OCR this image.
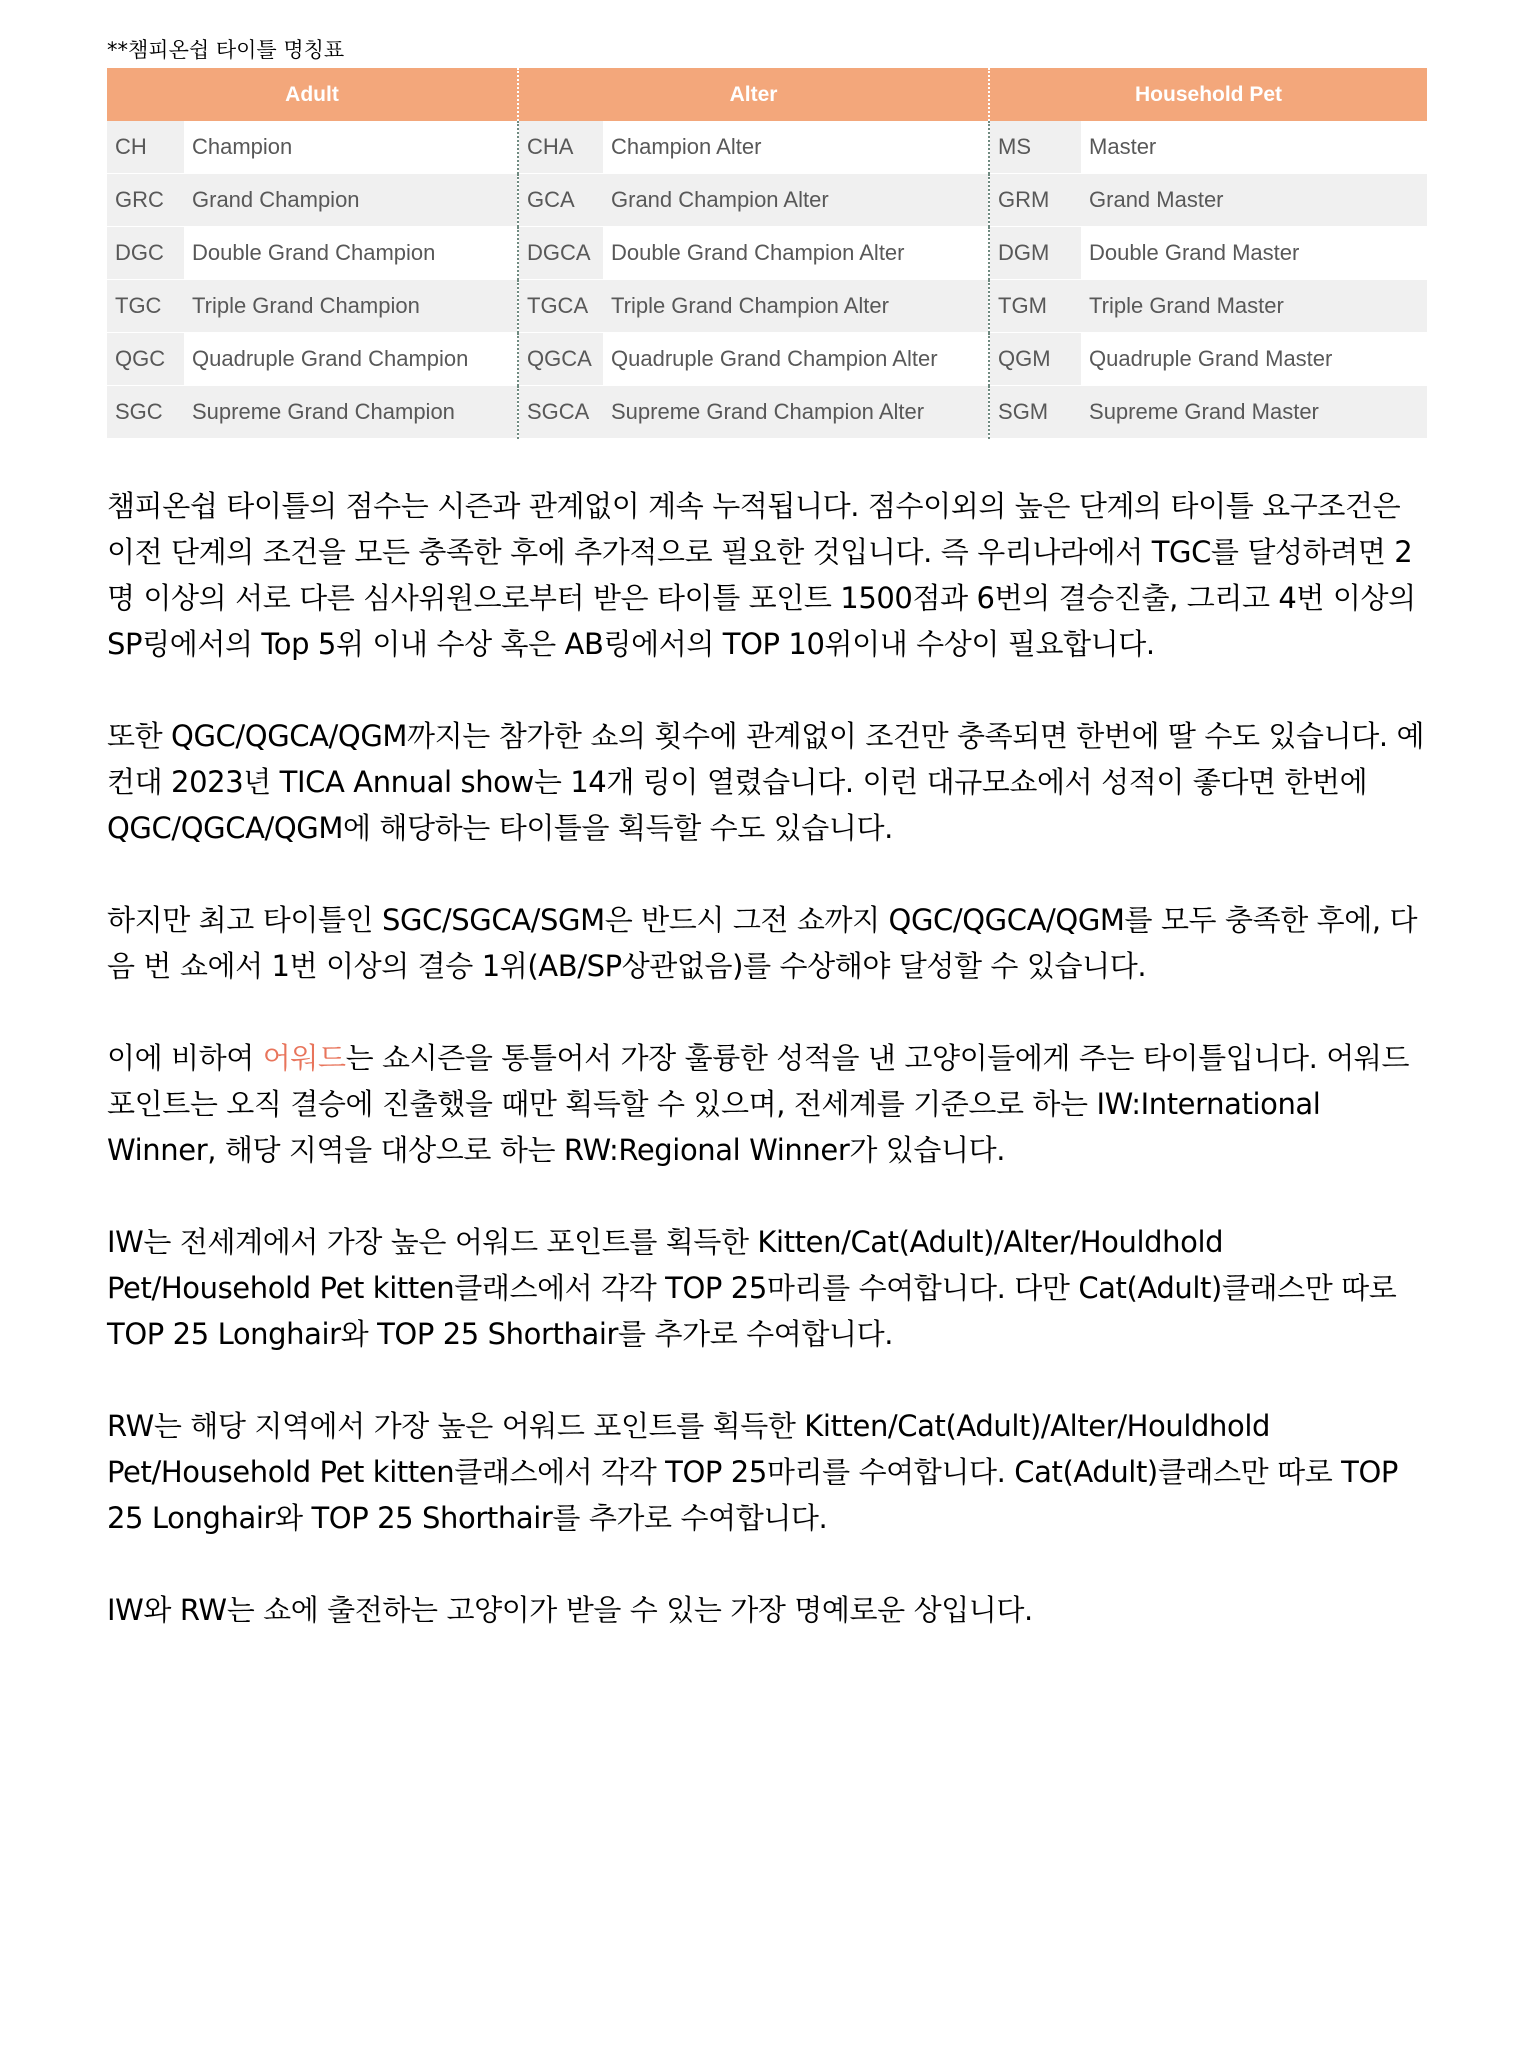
**챔피온쉽 타이틀 명칭표

Adult		Alter		Household Pet	
CH	Champion	CHA	Champion Alter	MS	Master
GRC	Grand Champion	GCA	Grand Champion Alter	GRM	Grand Master
DGC	Double Grand Champion	DGCA	Double Grand Champion Alter	DGM	Double Grand Master
TGC	Triple Grand Champion	TGCA	Triple Grand Champion Alter	TGM	Triple Grand Master
QGC	Quadruple Grand Champion	QGCA	Quadruple Grand Champion Alter	QGM	Quadruple Grand Master
SGC	Supreme Grand Champion	SGCA	Supreme Grand Champion Alter	SGM	Supreme Grand Master

챔피온쉽 타이틀의 점수는 시즌과 관계없이 계속 누적됩니다. 점수이외의 높은 단계의 타이틀 요구조건은 이전 단계의 조건을 모든 충족한 후에 추가적으로 필요한 것입니다. 즉 우리나라에서 TGC를 달성하려면 2명 이상의 서로 다른 심사위원으로부터 받은 타이틀 포인트 1500점과 6번의 결승진출, 그리고 4번 이상의 SP링에서의 Top 5위 이내 수상 혹은 AB링에서의 TOP 10위이내 수상이 필요합니다.

또한 QGC/QGCA/QGM까지는 참가한 쇼의 횟수에 관계없이 조건만 충족되면 한번에 딸 수도 있습니다. 예컨대 2023년 TICA Annual show는 14개 링이 열렸습니다. 이런 대규모쇼에서 성적이 좋다면 한번에 QGC/QGCA/QGM에 해당하는 타이틀을 획득할 수도 있습니다.

하지만 최고 타이틀인 SGC/SGCA/SGM은 반드시 그전 쇼까지 QGC/QGCA/QGM를 모두 충족한 후에, 다음 번 쇼에서 1번 이상의 결승 1위(AB/SP상관없음)를 수상해야 달성할 수 있습니다.

이에 비하여 어워드는 쇼시즌을 통틀어서 가장 훌륭한 성적을 낸 고양이들에게 주는 타이틀입니다. 어워드 포인트는 오직 결승에 진출했을 때만 획득할 수 있으며, 전세계를 기준으로 하는 IW:International Winner, 해당 지역을 대상으로 하는 RW:Regional Winner가 있습니다.

IW는 전세계에서 가장 높은 어워드 포인트를 획득한 Kitten/Cat(Adult)/Alter/Houldhold Pet/Household Pet kitten클래스에서 각각 TOP 25마리를 수여합니다. 다만 Cat(Adult)클래스만 따로 TOP 25 Longhair와 TOP 25 Shorthair를 추가로 수여합니다.

RW는 해당 지역에서 가장 높은 어워드 포인트를 획득한 Kitten/Cat(Adult)/Alter/Houldhold Pet/Household Pet kitten클래스에서 각각 TOP 25마리를 수여합니다. Cat(Adult)클래스만 따로 TOP 25 Longhair와 TOP 25 Shorthair를 추가로 수여합니다.

IW와 RW는 쇼에 출전하는 고양이가 받을 수 있는 가장 명예로운 상입니다.
